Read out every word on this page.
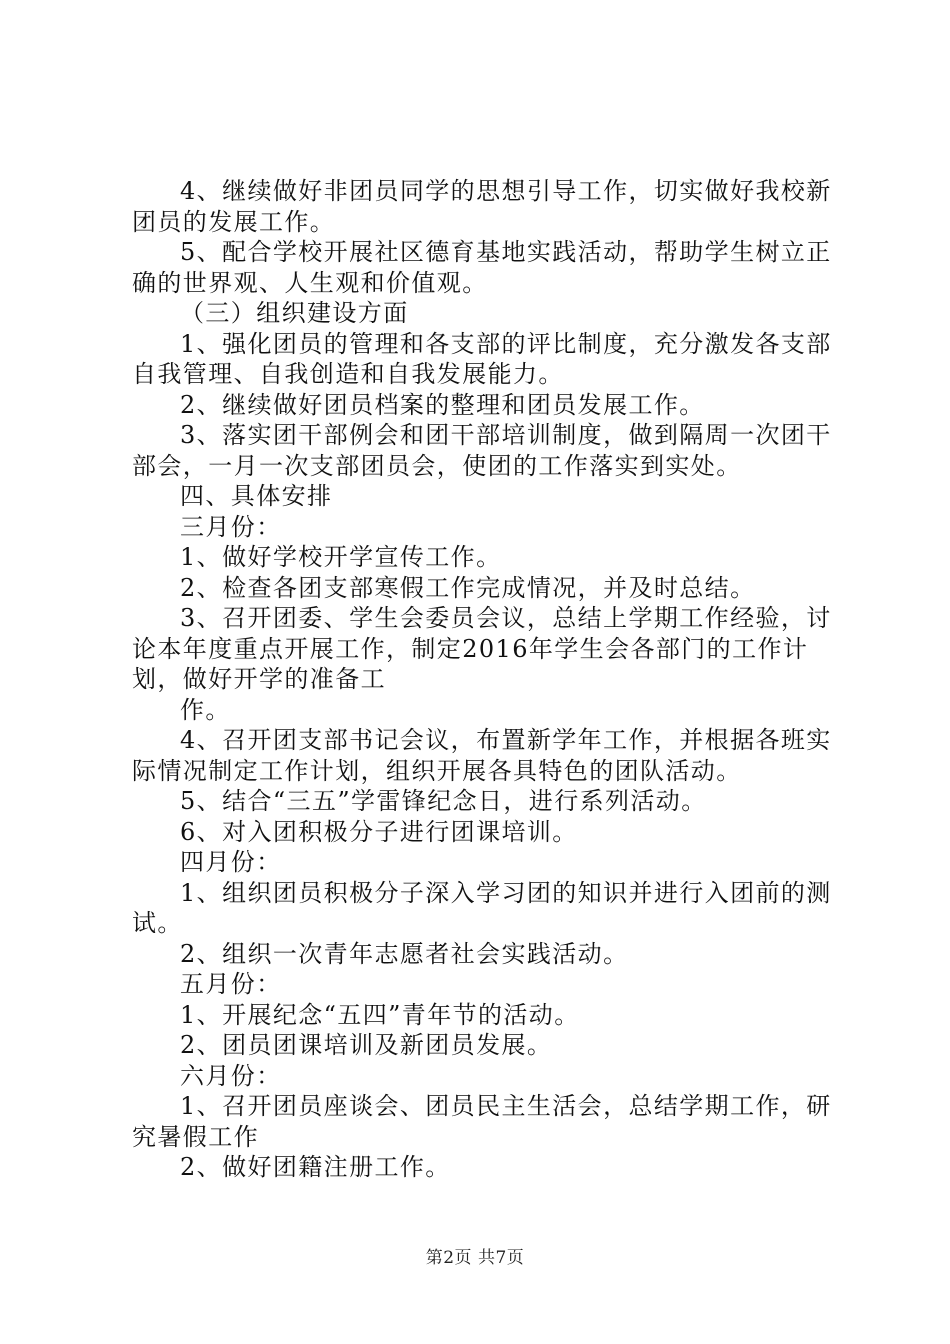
4、继续做好非团员同学的思想引导工作，切实做好我校新团员的发展工作。

5、配合学校开展社区德育基地实践活动，帮助学生树立正确的世界观、人生观和价值观。

（三）组织建设方面

1、强化团员的管理和各支部的评比制度，充分激发各支部自我管理、自我创造和自我发展能力。

2、继续做好团员档案的整理和团员发展工作。

3、落实团干部例会和团干部培训制度，做到隔周一次团干部会，一月一次支部团员会，使团的工作落实到实处。

四、具体安排

三月份：

1、做好学校开学宣传工作。

2、检查各团支部寒假工作完成情况，并及时总结。

3、召开团委、学生会委员会议，总结上学期工作经验，讨论本年度重点开展工作，制定2016年学生会各部门的工作计划，做好开学的准备工

作。

4、召开团支部书记会议，布置新学年工作，并根据各班实际情况制定工作计划，组织开展各具特色的团队活动。

5、结合“三五”学雷锋纪念日，进行系列活动。

6、对入团积极分子进行团课培训。

四月份：

1、组织团员积极分子深入学习团的知识并进行入团前的测试。

2、组织一次青年志愿者社会实践活动。

五月份：

1、开展纪念“五四”青年节的活动。

2、团员团课培训及新团员发展。

六月份：

1、召开团员座谈会、团员民主生活会，总结学期工作，研究暑假工作

2、做好团籍注册工作。

第2页 共7页
